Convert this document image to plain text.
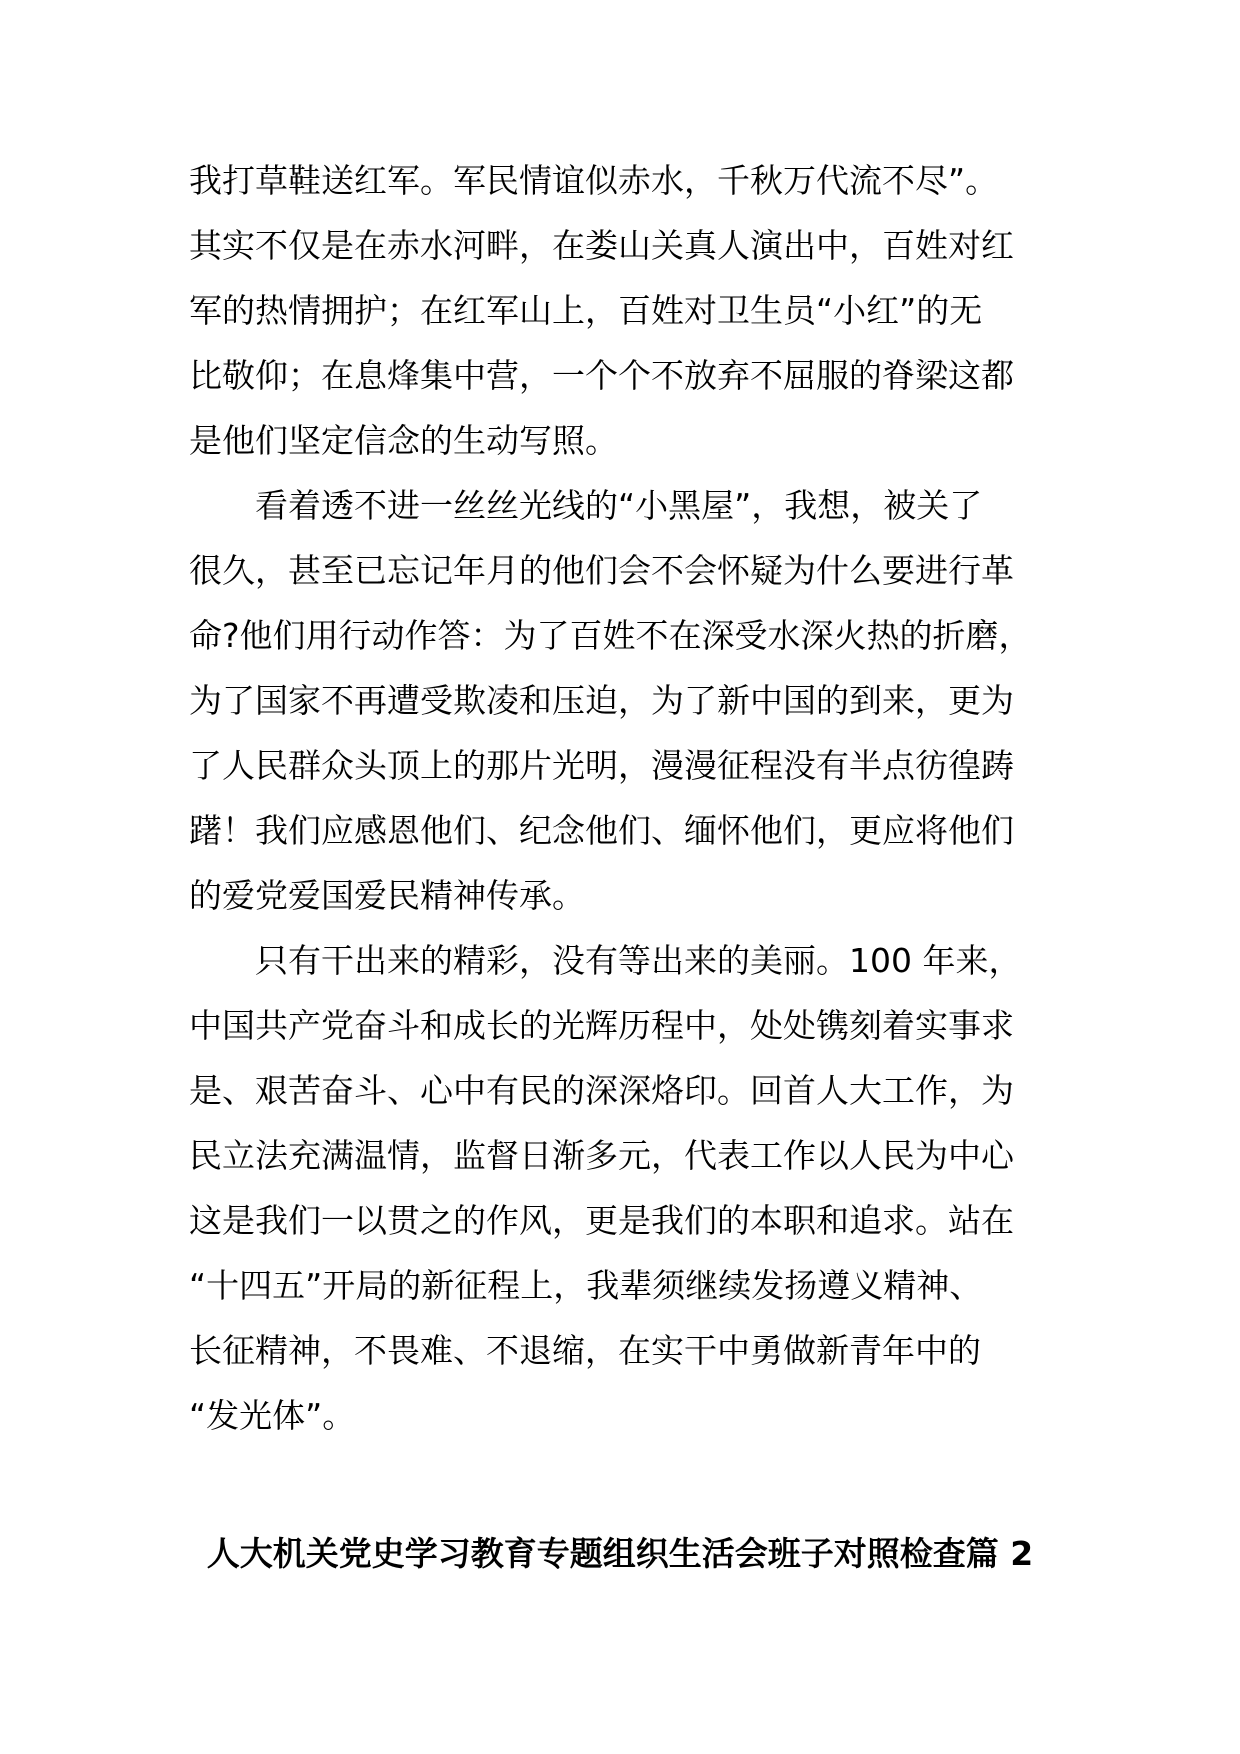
我打草鞋送红军。军民情谊似赤水，千秋万代流不尽”。
其实不仅是在赤水河畔，在娄山关真人演出中，百姓对红
军的热情拥护；在红军山上，百姓对卫生员“小红”的无
比敬仰；在息烽集中营，一个个不放弃不屈服的脊梁这都
是他们坚定信念的生动写照。
看着透不进一丝丝光线的“小黑屋”，我想，被关了
很久，甚至已忘记年月的他们会不会怀疑为什么要进行革
命?他们用行动作答：为了百姓不在深受水深火热的折磨，
为了国家不再遭受欺凌和压迫，为了新中国的到来，更为
了人民群众头顶上的那片光明，漫漫征程没有半点彷徨踌
躇！我们应感恩他们、纪念他们、缅怀他们，更应将他们
的爱党爱国爱民精神传承。
只有干出来的精彩，没有等出来的美丽。100 年来，
中国共产党奋斗和成长的光辉历程中，处处镌刻着实事求
是、艰苦奋斗、心中有民的深深烙印。回首人大工作，为
民立法充满温情，监督日渐多元，代表工作以人民为中心
这是我们一以贯之的作风，更是我们的本职和追求。站在
“十四五”开局的新征程上，我辈须继续发扬遵义精神、
长征精神，不畏难、不退缩，在实干中勇做新青年中的
“发光体”。
人大机关党史学习教育专题组织生活会班子对照检查篇 2
